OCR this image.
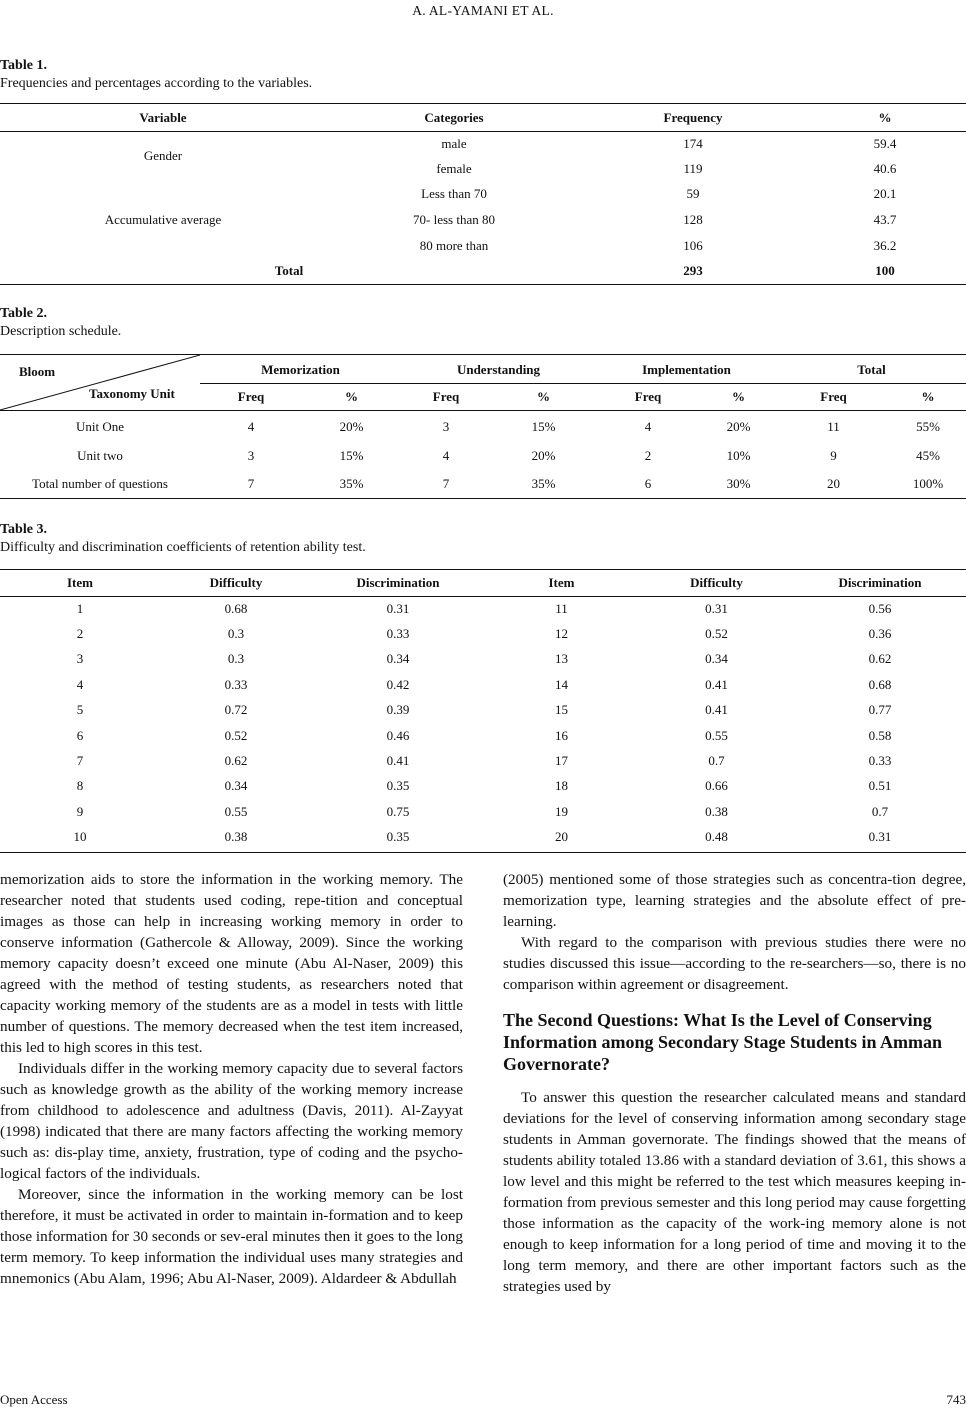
A. AL-YAMANI ET AL.
Table 1.
Frequencies and percentages according to the variables.
Variable	Categories	Frequency	%
Gender	male	174	59.4
	female	119	40.6
Accumulative average	Less than 70	59	20.1
	70- less than 80	128	43.7
	80 more than	106	36.2
Total		293	100
Table 2.
Description schedule.
Bloom
Taxonomy Unit
Memorization		Understanding		Implementation		Total	
Freq	%	Freq	%	Freq	%	Freq	%
Unit One	4	20%	3	15%	4	20%	11	55%
Unit two	3	15%	4	20%	2	10%	9	45%
Total number of questions	7	35%	7	35%	6	30%	20	100%
Table 3.
Difficulty and discrimination coefficients of retention ability test.
Item	Difficulty	Discrimination	Item	Difficulty	Discrimination
1	0.68	0.31	11	0.31	0.56
2	0.3	0.33	12	0.52	0.36
3	0.3	0.34	13	0.34	0.62
4	0.33	0.42	14	0.41	0.68
5	0.72	0.39	15	0.41	0.77
6	0.52	0.46	16	0.55	0.58
7	0.62	0.41	17	0.7	0.33
8	0.34	0.35	18	0.66	0.51
9	0.55	0.75	19	0.38	0.7
10	0.38	0.35	20	0.48	0.31

memorization aids to store the information in the working memory. The researcher noted that students used coding, repe-tition and conceptual images as those can help in increasing working memory in order to conserve information (Gathercole & Alloway, 2009). Since the working memory capacity doesn’t exceed one minute (Abu Al-Naser, 2009) this agreed with the method of testing students, as researchers noted that capacity working memory of the students are as a model in tests with little number of questions. The memory decreased when the test item increased, this led to high scores in this test.

Individuals differ in the working memory capacity due to several factors such as knowledge growth as the ability of the working memory increase from childhood to adolescence and adultness (Davis, 2011). Al-Zayyat (1998) indicated that there are many factors affecting the working memory such as: dis-play time, anxiety, frustration, type of coding and the psycho-logical factors of the individuals.

Moreover, since the information in the working memory can be lost therefore, it must be activated in order to maintain in-formation and to keep those information for 30 seconds or sev-eral minutes then it goes to the long term memory. To keep information the individual uses many strategies and mnemonics (Abu Alam, 1996; Abu Al-Naser, 2009). Aldardeer & Abdullah

(2005) mentioned some of those strategies such as concentra-tion degree, memorization type, learning strategies and the absolute effect of pre-learning.

With regard to the comparison with previous studies there were no studies discussed this issue—according to the re-searchers—so, there is no comparison within agreement or disagreement.

The Second Questions: What Is the Level of Conserving Information among Secondary Stage Students in Amman Governorate?

To answer this question the researcher calculated means and standard deviations for the level of conserving information among secondary stage students in Amman governorate. The findings showed that the means of students ability totaled 13.86 with a standard deviation of 3.61, this shows a low level and this might be referred to the test which measures keeping in-formation from previous semester and this long period may cause forgetting those information as the capacity of the work-ing memory alone is not enough to keep information for a long period of time and moving it to the long term memory, and there are other important factors such as the strategies used by

Open Access	743
